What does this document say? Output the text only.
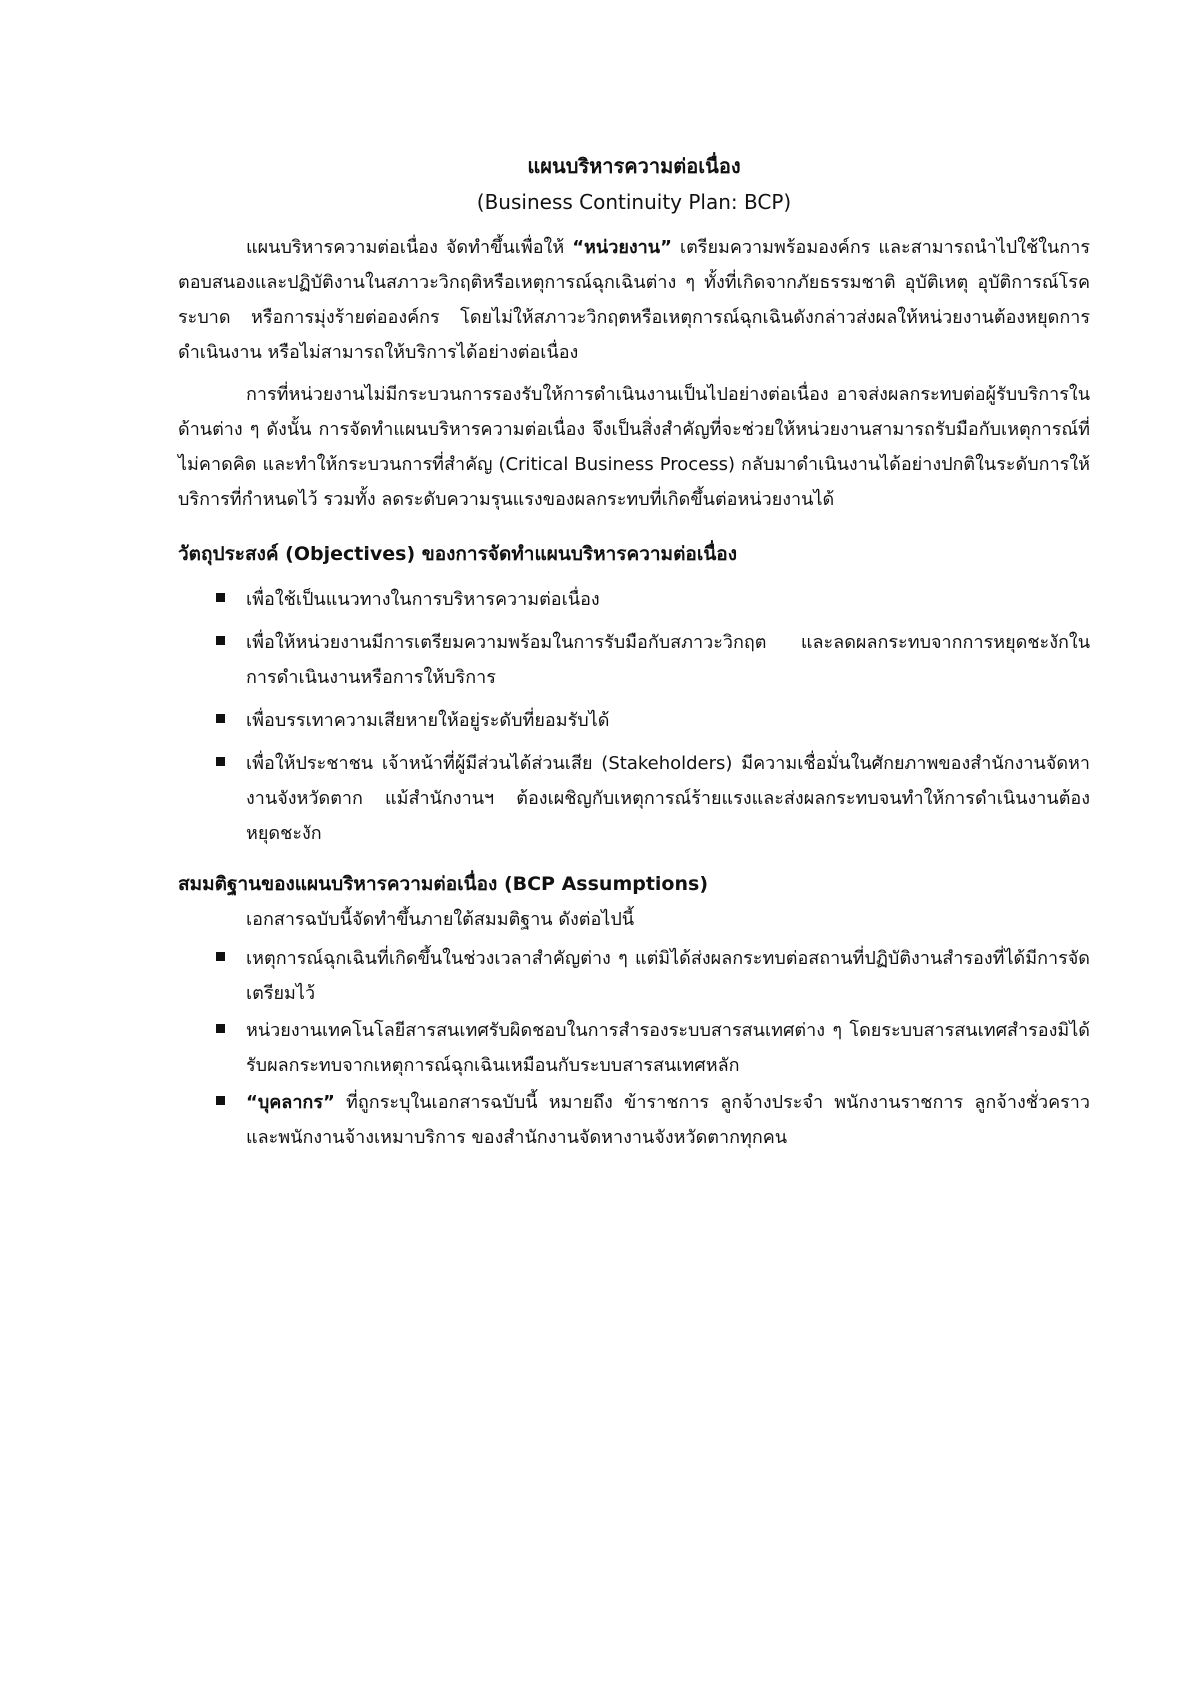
แผนบริหารความต่อเนื่อง

(Business Continuity Plan: BCP)

แผนบริหารความต่อเนื่อง จัดทำขึ้นเพื่อให้ “หน่วยงาน” เตรียมความพร้อมองค์กร และสามารถนำไปใช้ในการตอบสนองและปฏิบัติงานในสภาวะวิกฤติหรือเหตุการณ์ฉุกเฉินต่าง ๆ ทั้งที่เกิดจากภัยธรรมชาติ อุบัติเหตุ อุบัติการณ์โรคระบาด หรือการมุ่งร้ายต่อองค์กร โดยไม่ให้สภาวะวิกฤตหรือเหตุการณ์ฉุกเฉินดังกล่าวส่งผลให้หน่วยงานต้องหยุดการดำเนินงาน หรือไม่สามารถให้บริการได้อย่างต่อเนื่อง

การที่หน่วยงานไม่มีกระบวนการรองรับให้การดำเนินงานเป็นไปอย่างต่อเนื่อง อาจส่งผลกระทบต่อผู้รับบริการในด้านต่าง ๆ ดังนั้น การจัดทำแผนบริหารความต่อเนื่อง จึงเป็นสิ่งสำคัญที่จะช่วยให้หน่วยงานสามารถรับมือกับเหตุการณ์ที่ไม่คาดคิด และทำให้กระบวนการที่สำคัญ (Critical Business Process) กลับมาดำเนินงานได้อย่างปกติในระดับการให้บริการที่กำหนดไว้ รวมทั้ง ลดระดับความรุนแรงของผลกระทบที่เกิดขึ้นต่อหน่วยงานได้

วัตถุประสงค์ (Objectives) ของการจัดทำแผนบริหารความต่อเนื่อง
เพื่อใช้เป็นแนวทางในการบริหารความต่อเนื่อง
เพื่อให้หน่วยงานมีการเตรียมความพร้อมในการรับมือกับสภาวะวิกฤต และลดผลกระทบจากการหยุดชะงักในการดำเนินงานหรือการให้บริการ
เพื่อบรรเทาความเสียหายให้อยู่ระดับที่ยอมรับได้
เพื่อให้ประชาชน เจ้าหน้าที่ผู้มีส่วนได้ส่วนเสีย (Stakeholders) มีความเชื่อมั่นในศักยภาพของสำนักงานจัดหางานจังหวัดตาก แม้สำนักงานฯ ต้องเผชิญกับเหตุการณ์ร้ายแรงและส่งผลกระทบจนทำให้การดำเนินงานต้องหยุดชะงัก
สมมติฐานของแผนบริหารความต่อเนื่อง (BCP Assumptions)

เอกสารฉบับนี้จัดทำขึ้นภายใต้สมมติฐาน ดังต่อไปนี้

เหตุการณ์ฉุกเฉินที่เกิดขึ้นในช่วงเวลาสำคัญต่าง ๆ แต่มิได้ส่งผลกระทบต่อสถานที่ปฏิบัติงานสำรองที่ได้มีการจัดเตรียมไว้
หน่วยงานเทคโนโลยีสารสนเทศรับผิดชอบในการสำรองระบบสารสนเทศต่าง ๆ โดยระบบสารสนเทศสำรองมิได้รับผลกระทบจากเหตุการณ์ฉุกเฉินเหมือนกับระบบสารสนเทศหลัก
“บุคลากร” ที่ถูกระบุในเอกสารฉบับนี้ หมายถึง ข้าราชการ ลูกจ้างประจำ พนักงานราชการ ลูกจ้างชั่วคราว และพนักงานจ้างเหมาบริการ ของสำนักงานจัดหางานจังหวัดตากทุกคน
